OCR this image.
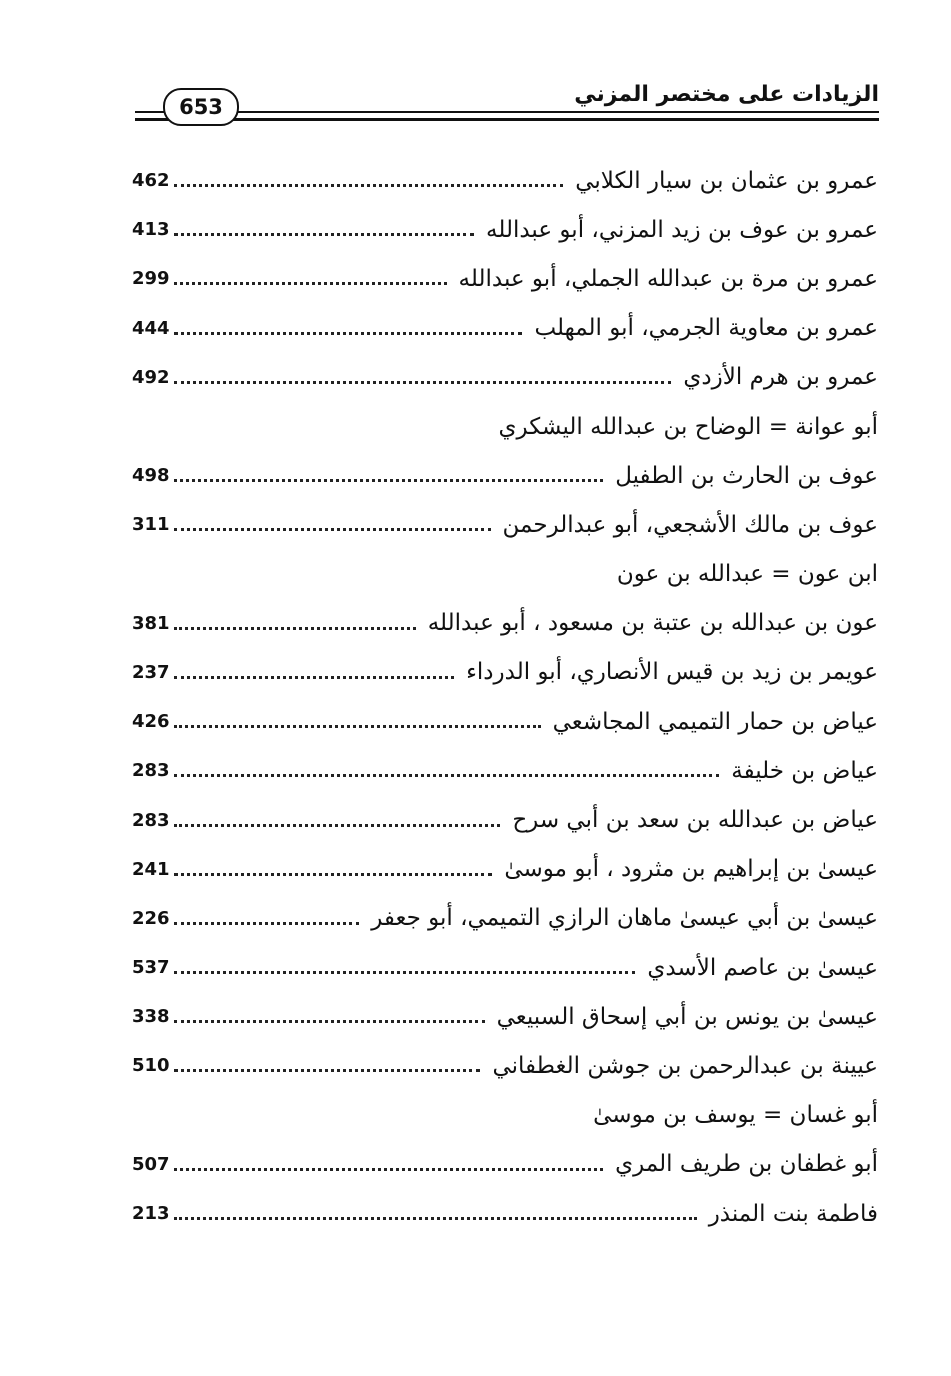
الزيادات على مختصر المزني
653
عمرو بن عثمان بن سيار الكلابي
462
عمرو بن عوف بن زيد المزني، أبو عبدالله
413
عمرو بن مرة بن عبدالله الجملي، أبو عبدالله
299
عمرو بن معاوية الجرمي، أبو المهلب
444
عمرو بن هرم الأزدي
492
أبو عوانة = الوضاح بن عبدالله اليشكري
عوف بن الحارث بن الطفيل
498
عوف بن مالك الأشجعي، أبو عبدالرحمن
311
ابن عون = عبدالله بن عون
عون بن عبدالله بن عتبة بن مسعود ، أبو عبدالله
381
عويمر بن زيد بن قيس الأنصاري، أبو الدرداء
237
عياض بن حمار التميمي المجاشعي
426
عياض بن خليفة
283
عياض بن عبدالله بن سعد بن أبي سرح
283
عيسىٰ بن إبراهيم بن مثرود ، أبو موسىٰ
241
عيسىٰ بن أبي عيسىٰ ماهان الرازي التميمي، أبو جعفر
226
عيسىٰ بن عاصم الأسدي
537
عيسىٰ بن يونس بن أبي إسحاق السبيعي
338
عيينة بن عبدالرحمن بن جوشن الغطفاني
510
أبو غسان = يوسف بن موسىٰ
أبو غطفان بن طريف المري
507
فاطمة بنت المنذر
213
